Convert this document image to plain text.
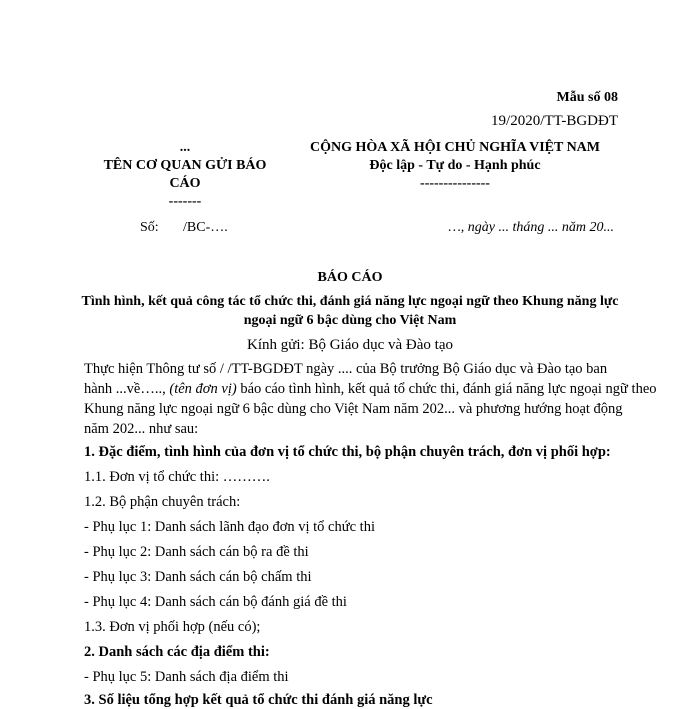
Mẫu số 08
19/2020/TT-BGDĐT
...
TÊN CƠ QUAN GỬI BÁO
CÁO
-------
CỘNG HÒA XÃ HỘI CHỦ NGHĨA VIỆT NAM
Độc lập - Tự do - Hạnh phúc
---------------
Số: /BC-….	…, ngày ... tháng ... năm 20...
BÁO CÁO
Tình hình, kết quả công tác tổ chức thi, đánh giá năng lực ngoại ngữ theo Khung năng lực
ngoại ngữ 6 bậc dùng cho Việt Nam
Kính gửi: Bộ Giáo dục và Đào tạo
Thực hiện Thông tư số / /TT-BGDĐT ngày .... của Bộ trưởng Bộ Giáo dục và Đào tạo ban
hành ...về….., (tên đơn vị) báo cáo tình hình, kết quả tổ chức thi, đánh giá năng lực ngoại ngữ theo
Khung năng lực ngoại ngữ 6 bậc dùng cho Việt Nam năm 202... và phương hướng hoạt động
năm 202... như sau:
1. Đặc điểm, tình hình của đơn vị tổ chức thi, bộ phận chuyên trách, đơn vị phối hợp:
1.1. Đơn vị tổ chức thi: ……….
1.2. Bộ phận chuyên trách:
- Phụ lục 1: Danh sách lãnh đạo đơn vị tổ chức thi
- Phụ lục 2: Danh sách cán bộ ra đề thi
- Phụ lục 3: Danh sách cán bộ chấm thi
- Phụ lục 4: Danh sách cán bộ đánh giá đề thi
1.3. Đơn vị phối hợp (nếu có);
2. Danh sách các địa điểm thi:
- Phụ lục 5: Danh sách địa điểm thi
3. Số liệu tổng hợp kết quả tổ chức thi đánh giá năng lực
